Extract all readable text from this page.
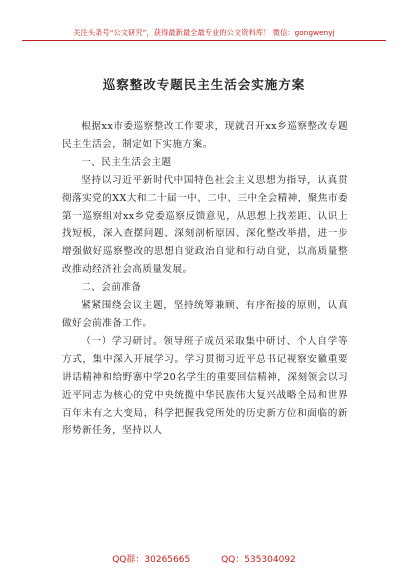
关注头条号“公文研究”，获得最新最全最专业的公文资料库！ 微信：gongwenyj
巡察整改专题民主生活会实施方案

根据xx市委巡察整改工作要求，现就召开xx乡巡察整改专题民主生活会，制定如下实施方案。

一、民主生活会主题

坚持以习近平新时代中国特色社会主义思想为指导，认真贯彻落实党的XX大和二十届一中、二中、三中全会精神，聚焦市委第一巡察组对xx乡党委巡察反馈意见，从思想上找差距、认识上找短板，深入查摆问题、深刻剖析原因、深化整改举措，进一步增强做好巡察整改的思想自觉政治自觉和行动自觉，以高质量整改推动经济社会高质量发展。

二、会前准备

紧紧围绕会议主题，坚持统筹兼顾、有序衔接的原则，认真做好会前准备工作。

（一）学习研讨。领导班子成员采取集中研讨、个人自学等方式，集中深入开展学习。学习贯彻习近平总书记视察安徽重要讲话精神和给野寨中学20名学生的重要回信精神，深刻领会以习近平同志为核心的党中央统揽中华民族伟大复兴战略全局和世界百年未有之大变局，科学把握我党所处的历史新方位和面临的新形势新任务，坚持以人

QQ群：30265665	QQ：535304092
